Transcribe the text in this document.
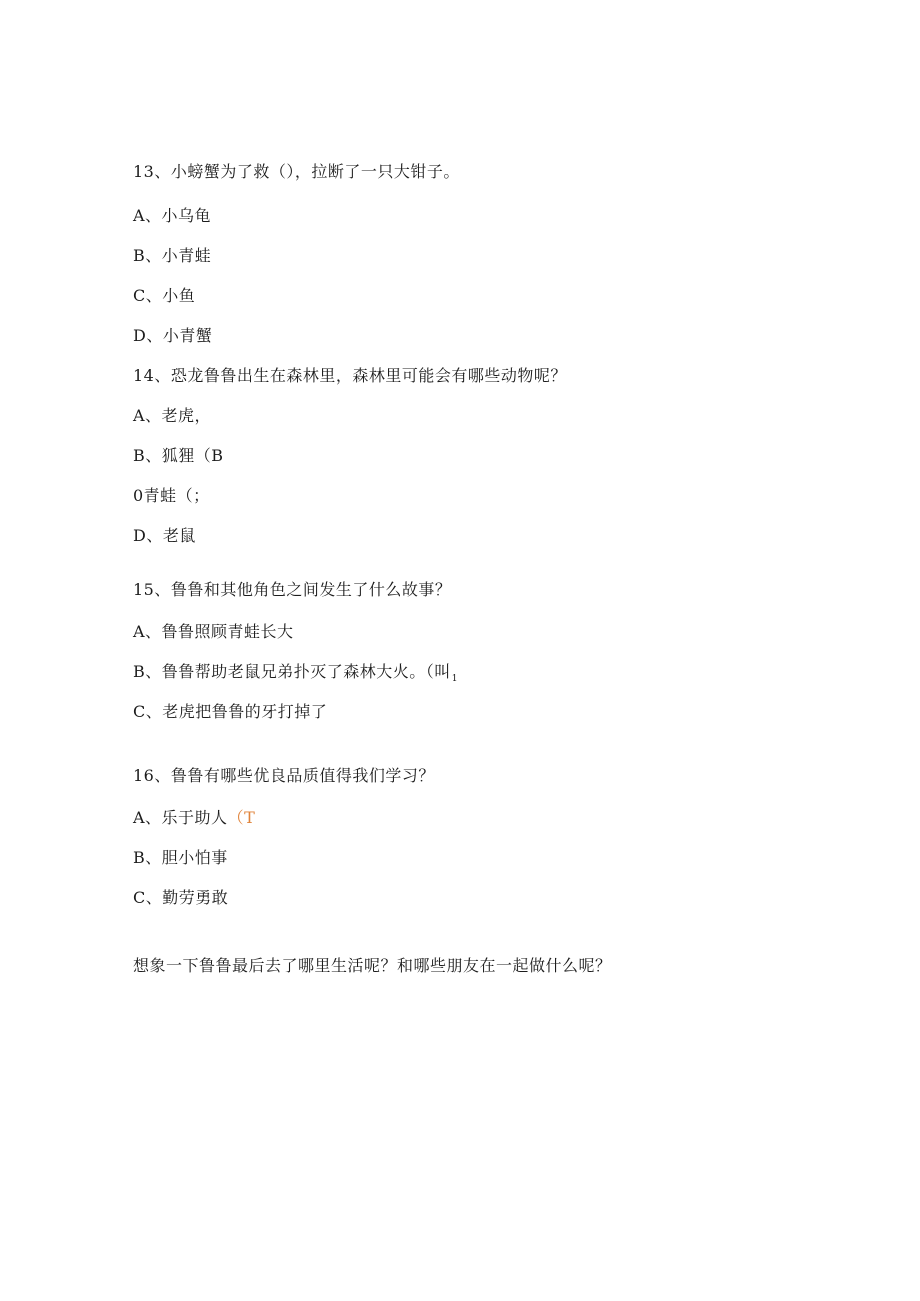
13、小螃蟹为了救（），拉断了一只大钳子。
A、小乌龟
B、小青蛙
C、小鱼
D、小青蟹
14、恐龙鲁鲁出生在森林里，森林里可能会有哪些动物呢？
A、老虎，
B、狐狸（B
0青蛙（；
D、老鼠
15、鲁鲁和其他角色之间发生了什么故事？
A、鲁鲁照顾青蛙长大
B、鲁鲁帮助老鼠兄弟扑灭了森林大火。（叫$_1$
C、老虎把鲁鲁的牙打掉了
16、鲁鲁有哪些优良品质值得我们学习？
A、乐于助人（T
B、胆小怕事
C、勤劳勇敢
想象一下鲁鲁最后去了哪里生活呢？和哪些朋友在一起做什么呢？
